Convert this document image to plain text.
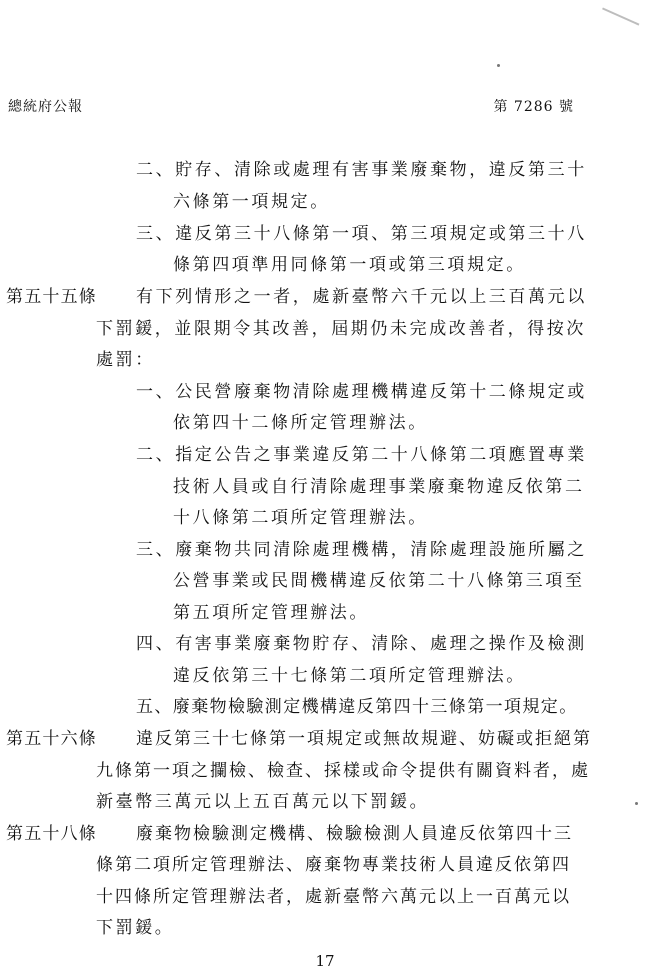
總統府公報	第 7286 號
二、貯存、清除或處理有害事業廢棄物，違反第三十
六條第一項規定。
三、違反第三十八條第一項、第三項規定或第三十八
條第四項準用同條第一項或第三項規定。
第五十五條 有下列情形之一者，處新臺幣六千元以上三百萬元以
下罰鍰，並限期令其改善，屆期仍未完成改善者，得按次
處罰：
一、公民營廢棄物清除處理機構違反第十二條規定或
依第四十二條所定管理辦法。
二、指定公告之事業違反第二十八條第二項應置專業
技術人員或自行清除處理事業廢棄物違反依第二
十八條第二項所定管理辦法。
三、廢棄物共同清除處理機構，清除處理設施所屬之
公營事業或民間機構違反依第二十八條第三項至
第五項所定管理辦法。
四、有害事業廢棄物貯存、清除、處理之操作及檢測
違反依第三十七條第二項所定管理辦法。
五、廢棄物檢驗測定機構違反第四十三條第一項規定。
第五十六條 違反第三十七條第一項規定或無故規避、妨礙或拒絕第
九條第一項之攔檢、檢查、採樣或命令提供有關資料者，處
新臺幣三萬元以上五百萬元以下罰鍰。
第五十八條 廢棄物檢驗測定機構、檢驗檢測人員違反依第四十三
條第二項所定管理辦法、廢棄物專業技術人員違反依第四
十四條所定管理辦法者，處新臺幣六萬元以上一百萬元以
下罰鍰。
17
